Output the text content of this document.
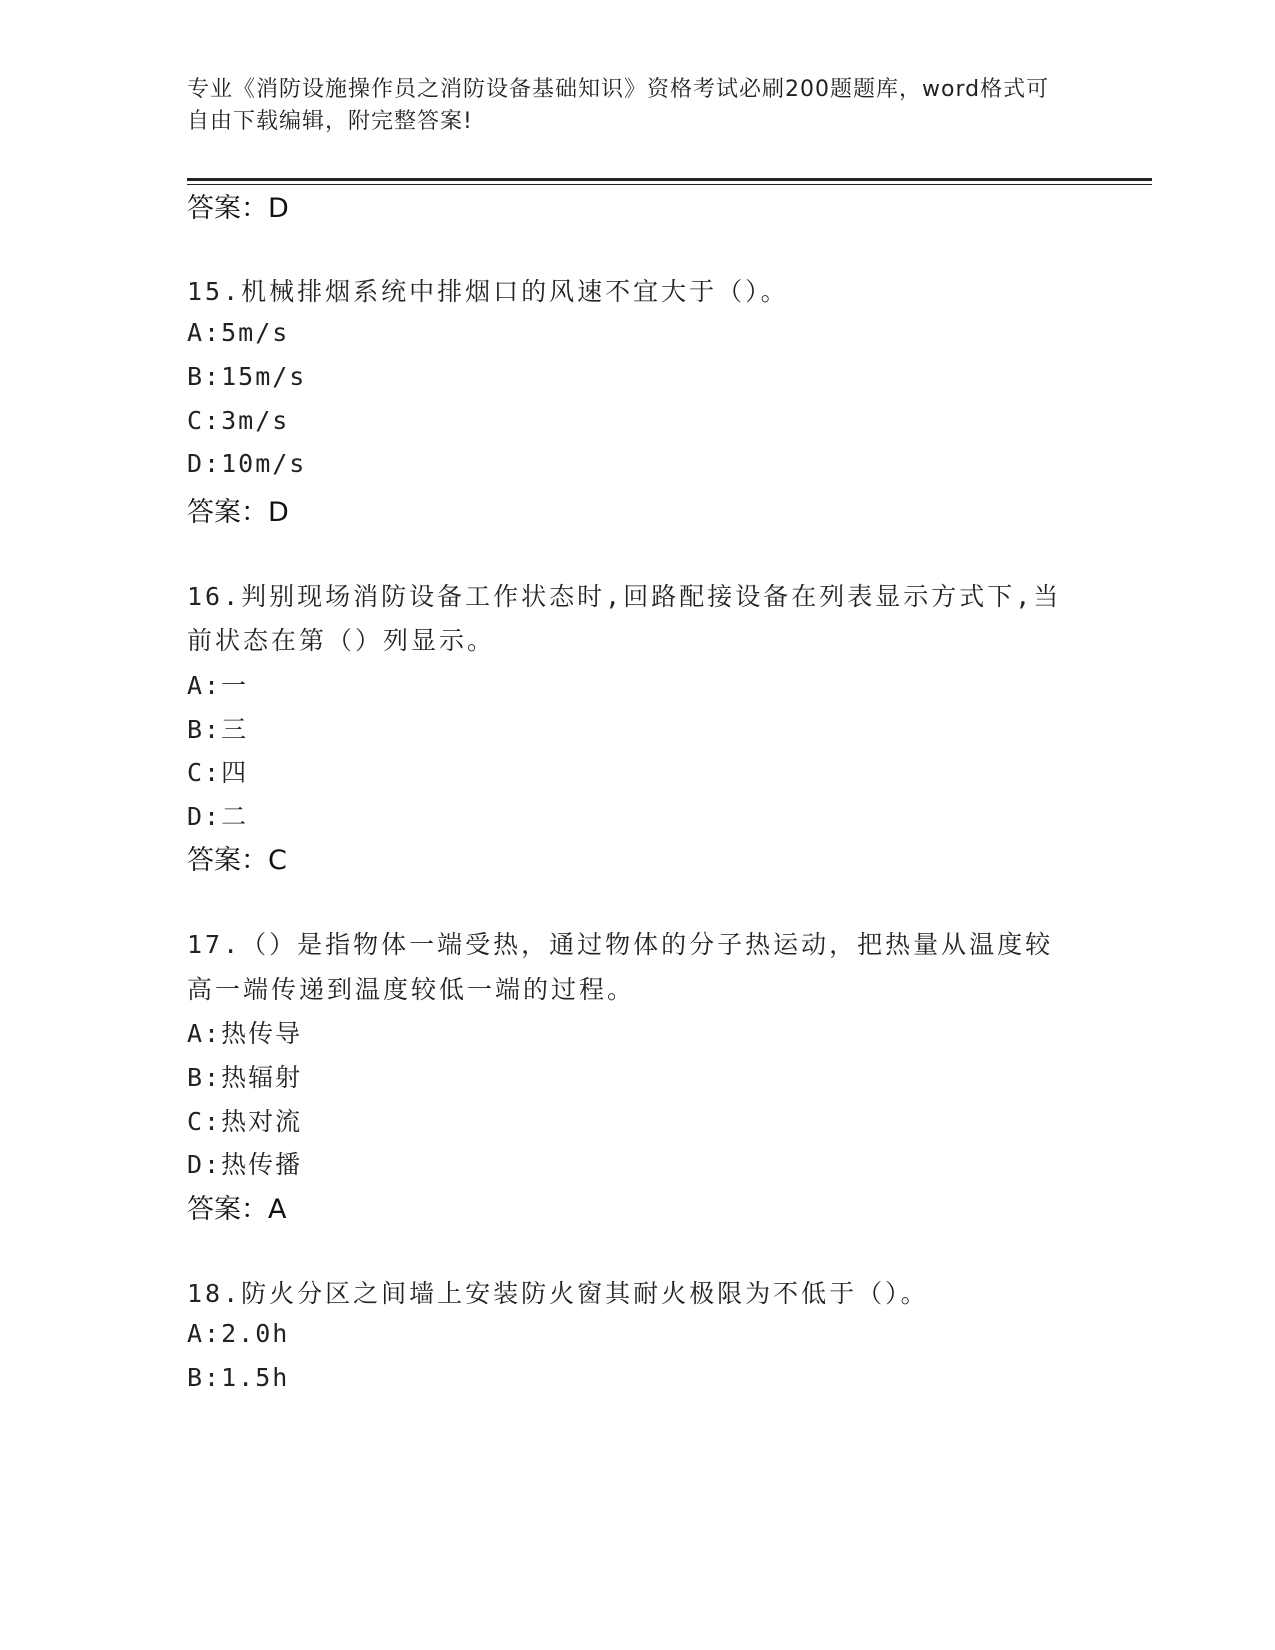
专业《消防设施操作员之消防设备基础知识》资格考试必刷200题题库，word格式可自由下载编辑，附完整答案!
答案：D
15.机械排烟系统中排烟口的风速不宜大于（）。
A:5m/s
B:15m/s
C:3m/s
D:10m/s
答案：D
16.判别现场消防设备工作状态时,回路配接设备在列表显示方式下,当
前状态在第（）列显示。
A:一
B:三
C:四
D:二
答案：C
17.（）是指物体一端受热，通过物体的分子热运动，把热量从温度较
高一端传递到温度较低一端的过程。
A:热传导
B:热辐射
C:热对流
D:热传播
答案：A
18.防火分区之间墙上安装防火窗其耐火极限为不低于（）。
A:2.0h
B:1.5h
